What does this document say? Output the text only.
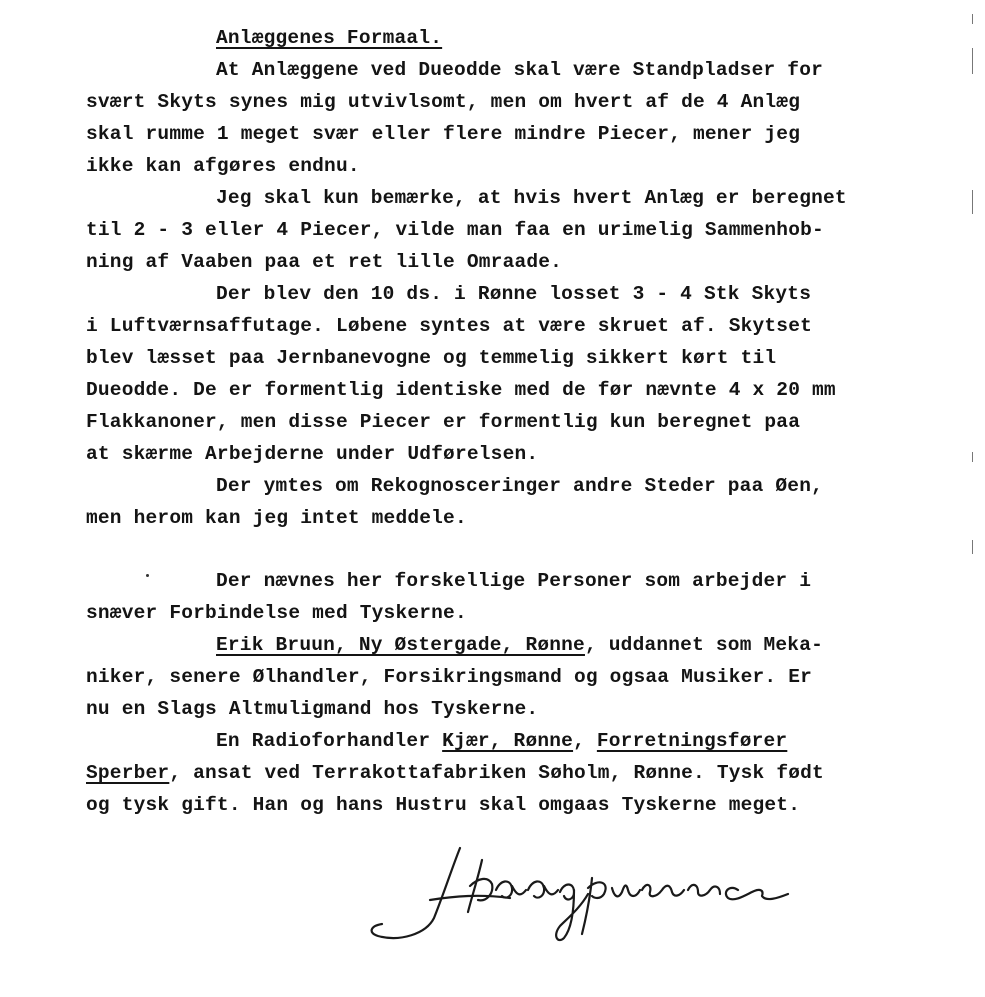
Anlæggenes Formaal.
At Anlæggene ved Dueodde skal være Standpladser for
svært Skyts synes mig utvivlsomt, men om hvert af de 4 Anlæg
skal rumme 1 meget svær eller flere mindre Piecer, mener jeg
ikke kan afgøres endnu.
Jeg skal kun bemærke, at hvis hvert Anlæg er beregnet
til 2 - 3 eller 4 Piecer, vilde man faa en urimelig Sammenhob-
ning af Vaaben paa et ret lille Omraade.
Der blev den 10 ds. i Rønne losset 3 - 4 Stk Skyts
i Luftværnsaffutage. Løbene syntes at være skruet af. Skytset
blev læsset paa Jernbanevogne og temmelig sikkert kørt til
Dueodde. De er formentlig identiske med de før nævnte 4 x 20 mm
Flakkanoner, men disse Piecer er formentlig kun beregnet paa
at skærme Arbejderne under Udførelsen.
Der ymtes om Rekognosceringer andre Steder paa Øen,
men herom kan jeg intet meddele.
Der nævnes her forskellige Personer som arbejder i
snæver Forbindelse med Tyskerne.
Erik Bruun, Ny Østergade, Rønne, uddannet som Meka-
niker, senere Ølhandler, Forsikringsmand og ogsaa Musiker. Er
nu en Slags Altmuligmand hos Tyskerne.
En Radioforhandler Kjær, Rønne, Forretningsfører
Sperber, ansat ved Terrakottafabriken Søholm, Rønne. Tysk født
og tysk gift. Han og hans Hustru skal omgaas Tyskerne meget.
